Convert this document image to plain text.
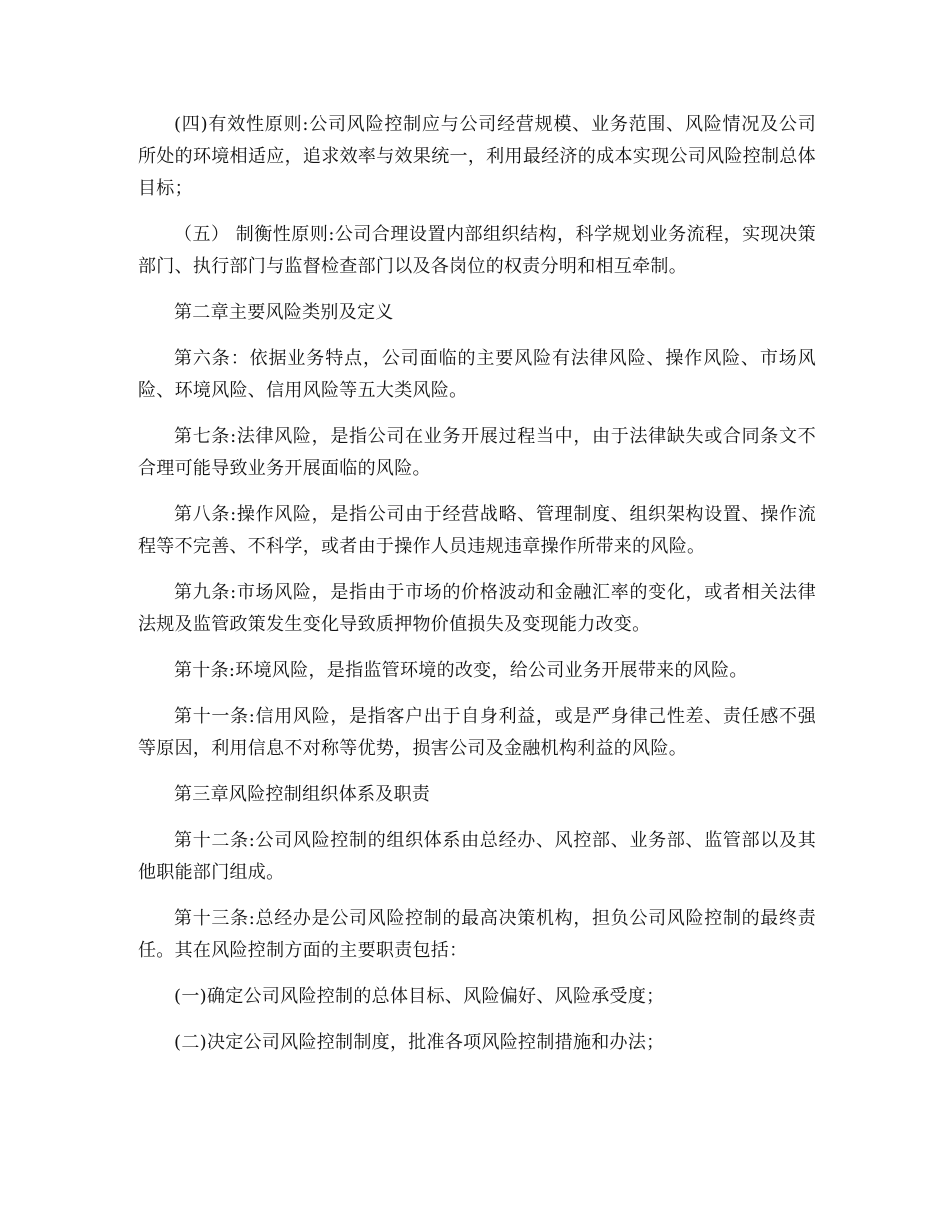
(四)有效性原则:公司风险控制应与公司经营规模、业务范围、风险情况及公司所处的环境相适应，追求效率与效果统一，利用最经济的成本实现公司风险控制总体目标；

（五） 制衡性原则:公司合理设置内部组织结构，科学规划业务流程，实现决策部门、执行部门与监督检查部门以及各岗位的权责分明和相互牵制。

第二章主要风险类别及定义

第六条：依据业务特点，公司面临的主要风险有法律风险、操作风险、市场风险、环境风险、信用风险等五大类风险。

第七条:法律风险，是指公司在业务开展过程当中，由于法律缺失或合同条文不合理可能导致业务开展面临的风险。

第八条:操作风险，是指公司由于经营战略、管理制度、组织架构设置、操作流程等不完善、不科学，或者由于操作人员违规违章操作所带来的风险。

第九条:市场风险，是指由于市场的价格波动和金融汇率的变化，或者相关法律法规及监管政策发生变化导致质押物价值损失及变现能力改变。

第十条:环境风险，是指监管环境的改变，给公司业务开展带来的风险。

第十一条:信用风险，是指客户出于自身利益，或是严身律己性差、责任感不强等原因，利用信息不对称等优势，损害公司及金融机构利益的风险。

第三章风险控制组织体系及职责

第十二条:公司风险控制的组织体系由总经办、风控部、业务部、监管部以及其他职能部门组成。

第十三条:总经办是公司风险控制的最高决策机构，担负公司风险控制的最终责任。其在风险控制方面的主要职责包括：

(一)确定公司风险控制的总体目标、风险偏好、风险承受度；

(二)决定公司风险控制制度，批准各项风险控制措施和办法；
